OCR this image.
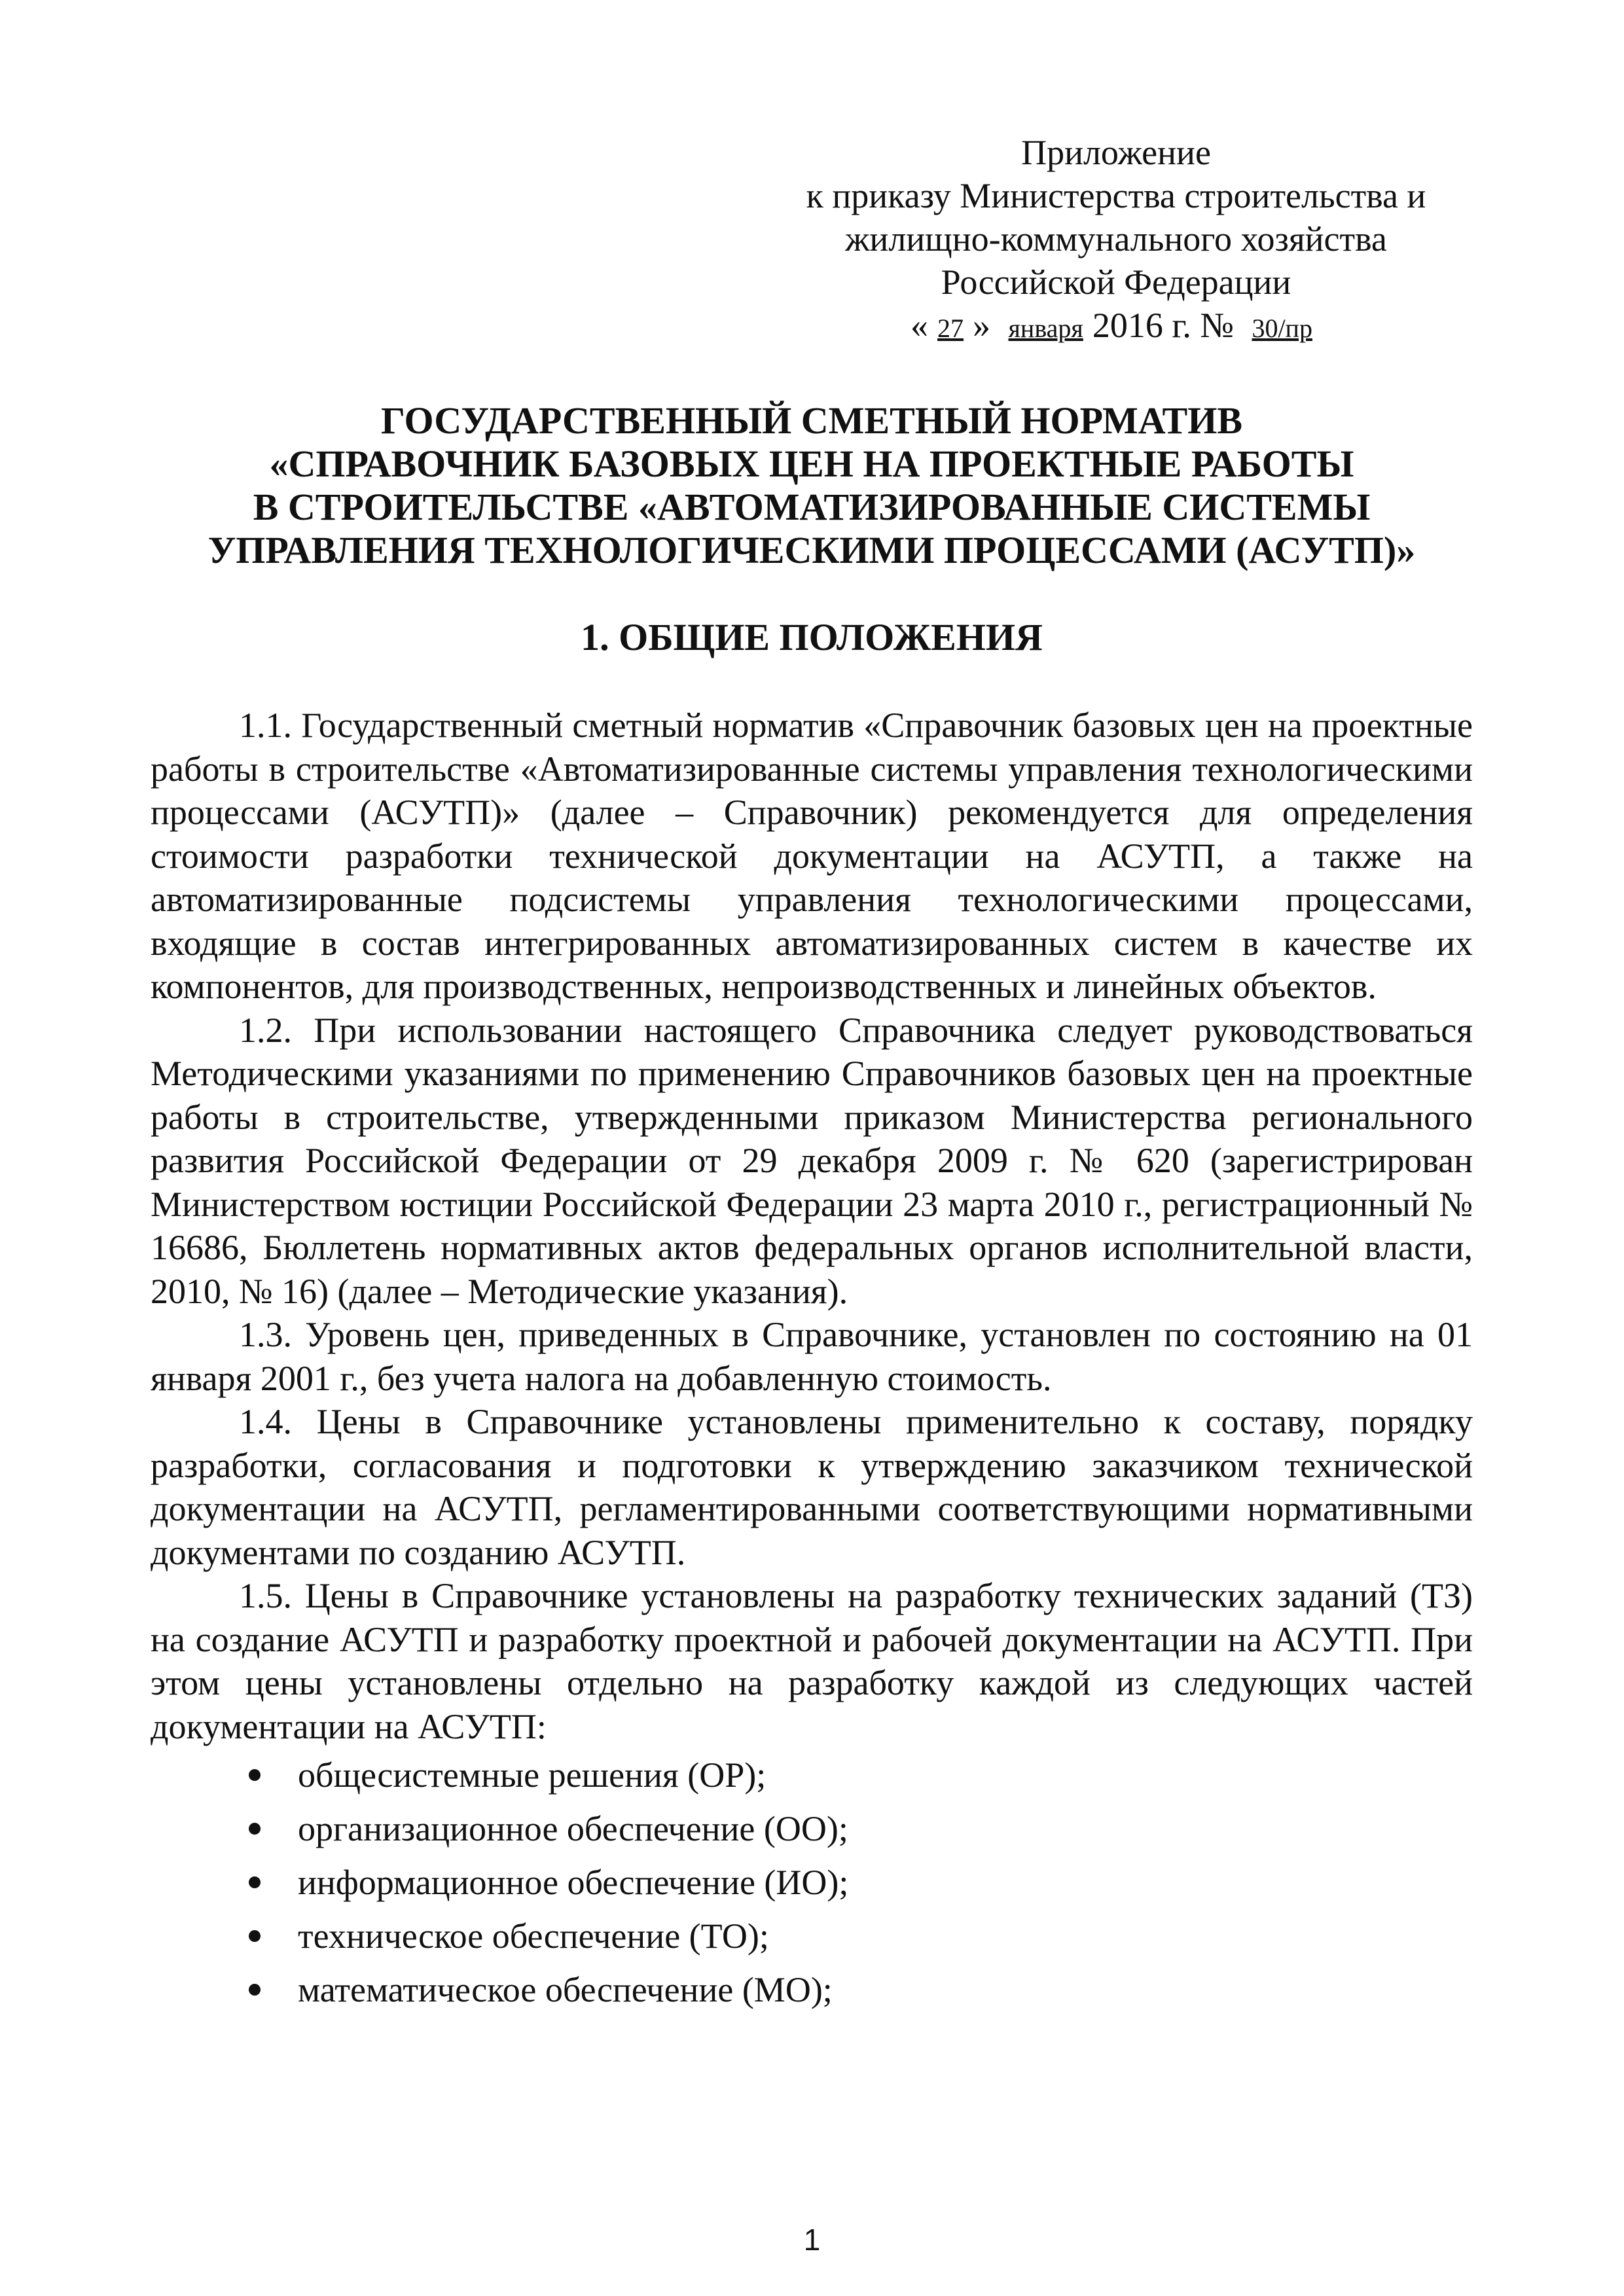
Приложение
к приказу Министерства строительства и
жилищно-коммунального хозяйства
Российской Федерации
« 27 » января 2016 г. № 30/пр
ГОСУДАРСТВЕННЫЙ СМЕТНЫЙ НОРМАТИВ
«СПРАВОЧНИК БАЗОВЫХ ЦЕН НА ПРОЕКТНЫЕ РАБОТЫ
В СТРОИТЕЛЬСТВЕ «АВТОМАТИЗИРОВАННЫЕ СИСТЕМЫ
УПРАВЛЕНИЯ ТЕХНОЛОГИЧЕСКИМИ ПРОЦЕССАМИ (АСУТП)»
1. ОБЩИЕ ПОЛОЖЕНИЯ

1.1. Государственный сметный норматив «Справочник базовых цен на проектные работы в строительстве «Автоматизированные системы управления технологическими процессами (АСУТП)» (далее – Справочник) рекомендуется для определения стоимости разработки технической документации на АСУТП, а также на автоматизированные подсистемы управления технологическими процессами, входящие в состав интегрированных автоматизированных систем в качестве их компонентов, для производственных, непроизводственных и линейных объектов.

1.2. При использовании настоящего Справочника следует руководствоваться Методическими указаниями по применению Справочников базовых цен на проектные работы в строительстве, утвержденными приказом Министерства регионального развития Российской Федерации от 29 декабря 2009 г. № 620 (зарегистрирован Министерством юстиции Российской Федерации 23 марта 2010 г., регистрационный № 16686, Бюллетень нормативных актов федеральных органов исполнительной власти, 2010, № 16) (далее – Методические указания).

1.3. Уровень цен, приведенных в Справочнике, установлен по состоянию на 01 января 2001 г., без учета налога на добавленную стоимость.

1.4. Цены в Справочнике установлены применительно к составу, порядку разработки, согласования и подготовки к утверждению заказчиком технической документации на АСУТП, регламентированными соответствующими нормативными документами по созданию АСУТП.

1.5. Цены в Справочнике установлены на разработку технических заданий (ТЗ) на создание АСУТП и разработку проектной и рабочей документации на АСУТП. При этом цены установлены отдельно на разработку каждой из следующих частей документации на АСУТП:

общесистемные решения (ОР);
организационное обеспечение (ОО);
информационное обеспечение (ИО);
техническое обеспечение (ТО);
математическое обеспечение (МО);
1
